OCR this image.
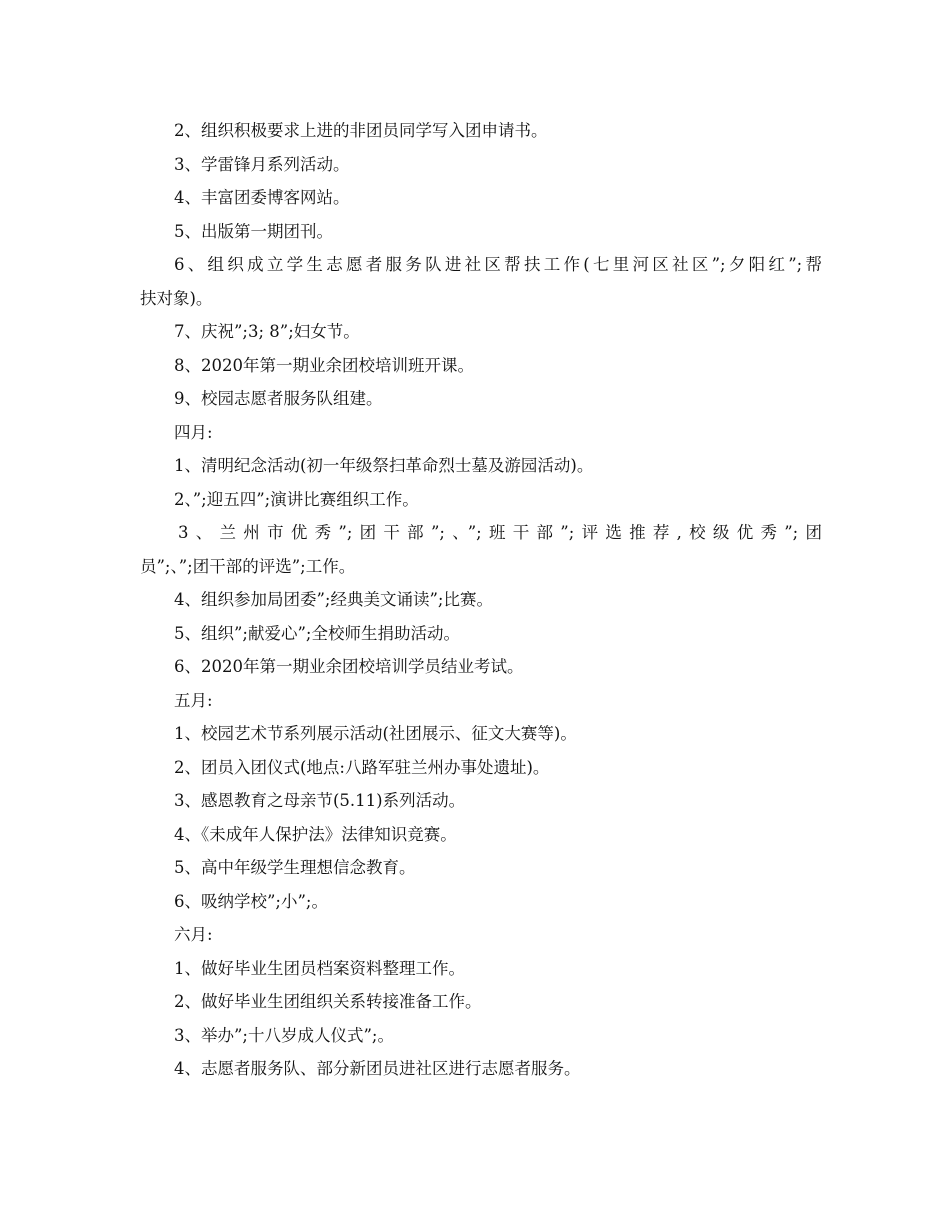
2、组织积极要求上进的非团员同学写入团申请书。
3、学雷锋月系列活动。
4、丰富团委博客网站。
5、出版第一期团刊。
6、组织成立学生志愿者服务队进社区帮扶工作(七里河区社区”;夕阳红”;帮
扶对象)。
7、庆祝”;3; 8”;妇女节。
8、2020年第一期业余团校培训班开课。
9、校园志愿者服务队组建。
四月:
1、清明纪念活动(初一年级祭扫革命烈士墓及游园活动)。
2、”;迎五四”;演讲比赛组织工作。
3、兰州市优秀”;团干部”;、”;班干部”;评选推荐,校级优秀”;团
员”;、”;团干部的评选”;工作。
4、组织参加局团委”;经典美文诵读”;比赛。
5、组织”;献爱心”;全校师生捐助活动。
6、2020年第一期业余团校培训学员结业考试。
五月:
1、校园艺术节系列展示活动(社团展示、征文大赛等)。
2、团员入团仪式(地点:八路军驻兰州办事处遗址)。
3、感恩教育之母亲节(5.11)系列活动。
4、《未成年人保护法》法律知识竞赛。
5、高中年级学生理想信念教育。
6、吸纳学校”;小”;。
六月:
1、做好毕业生团员档案资料整理工作。
2、做好毕业生团组织关系转接准备工作。
3、举办”;十八岁成人仪式”;。
4、志愿者服务队、部分新团员进社区进行志愿者服务。
